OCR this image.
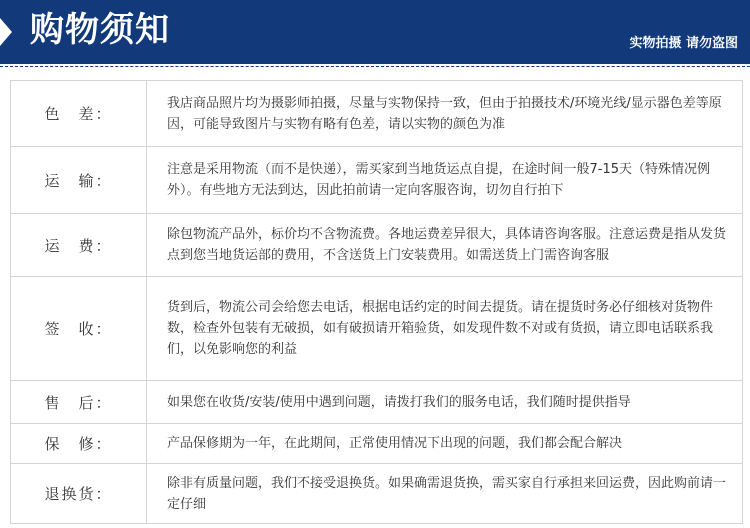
购物须知	实物拍摄 请勿盗图
色　差：

我店商品照片均为摄影师拍摄，尽量与实物保持一致，但由于拍摄技术/环境光线/显示器色差等原因，可能导致图片与实物有略有色差，请以实物的颜色为准

运　输：

注意是采用物流（而不是快递），需买家到当地货运点自提，在途时间一般7-15天（特殊情况例外）。有些地方无法到达，因此拍前请一定向客服咨询，切勿自行拍下

运　费：

除包物流产品外，标价均不含物流费。各地运费差异很大，具体请咨询客服。注意运费是指从发货点到您当地货运部的费用，不含送货上门安装费用。如需送货上门需咨询客服

签　收：

货到后，物流公司会给您去电话，根据电话约定的时间去提货。请在提货时务必仔细核对货物件数，检查外包装有无破损，如有破损请开箱验货，如发现件数不对或有货损，请立即电话联系我们，以免影响您的利益

售　后：	如果您在收货/安装/使用中遇到问题，请拨打我们的服务电话，我们随时提供指导

保　修：	产品保修期为一年，在此期间，正常使用情况下出现的问题，我们都会配合解决

退换货：

除非有质量问题，我们不接受退换货。如果确需退货换，需买家自行承担来回运费，因此购前请一定仔细
